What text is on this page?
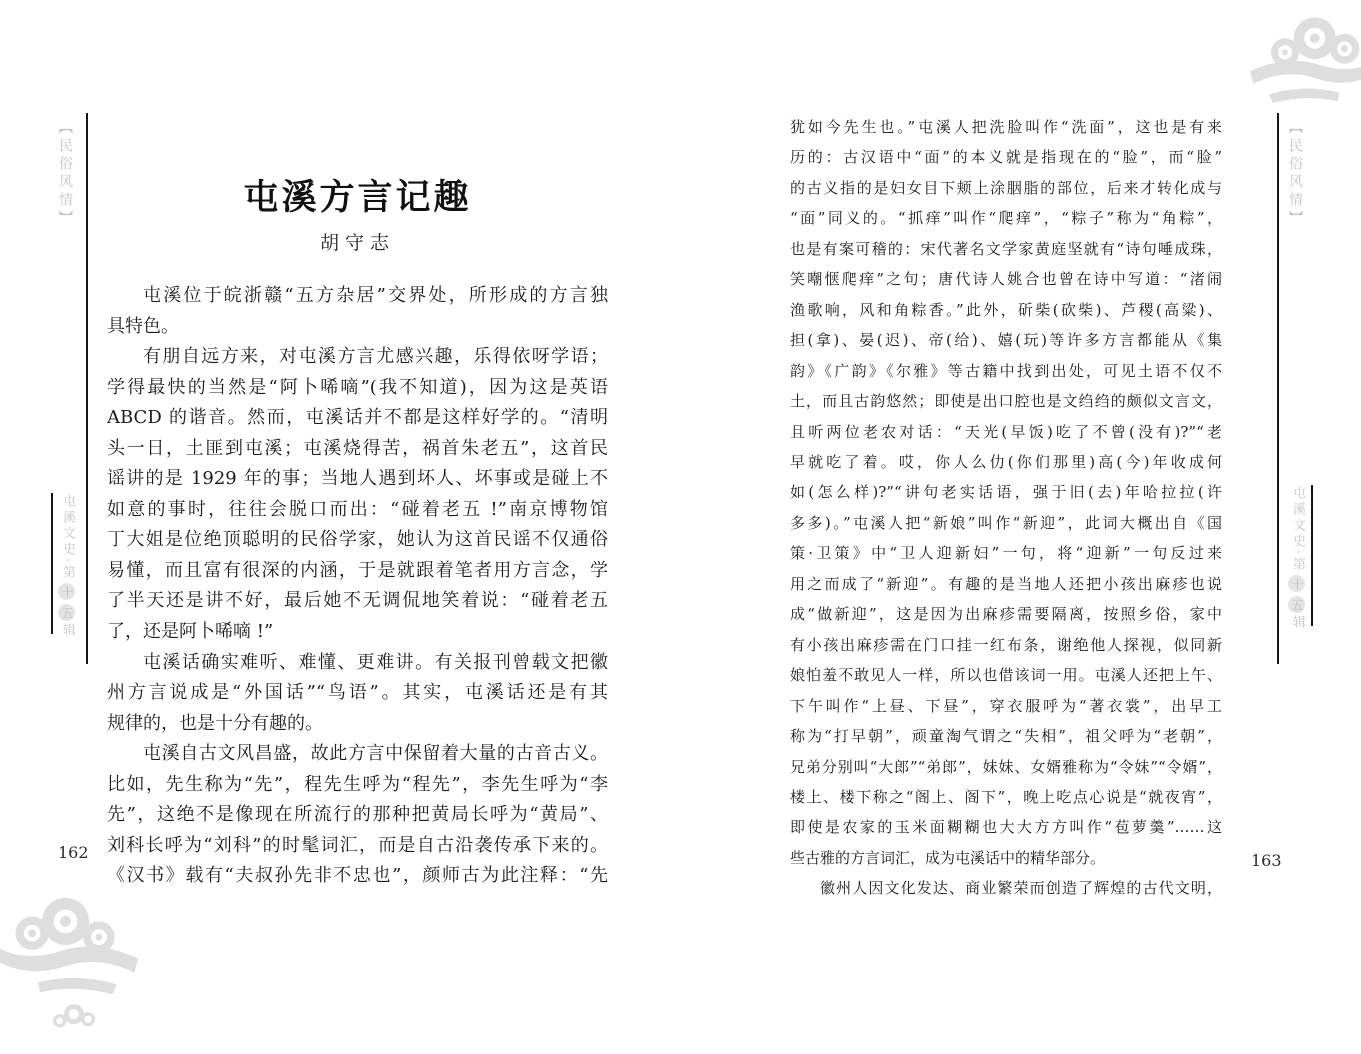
【民俗风情】
屯溪文史·第十五辑
【民俗风情】
屯溪文史·第十五辑
屯溪方言记趣
胡守志
屯溪位于皖浙赣“五方杂居”交界处，所形成的方言独
具特色。
有朋自远方来，对屯溪方言尤感兴趣，乐得依呀学语；
学得最快的当然是“阿卜唏嘀”(我不知道)，因为这是英语
ABCD 的谐音。然而，屯溪话并不都是这样好学的。“清明
头一日，土匪到屯溪；屯溪烧得苦，祸首朱老五”，这首民
谣讲的是 1929 年的事；当地人遇到坏人、坏事或是碰上不
如意的事时，往往会脱口而出：“碰着老五 !”南京博物馆
丁大姐是位绝顶聪明的民俗学家，她认为这首民谣不仅通俗
易懂，而且富有很深的内涵，于是就跟着笔者用方言念，学
了半天还是讲不好，最后她不无调侃地笑着说：“碰着老五
了，还是阿卜唏嘀 !”
屯溪话确实难听、难懂、更难讲。有关报刊曾载文把徽
州方言说成是“外国话”“鸟语”。其实，屯溪话还是有其
规律的，也是十分有趣的。
屯溪自古文风昌盛，故此方言中保留着大量的古音古义。
比如，先生称为“先”，程先生呼为“程先”，李先生呼为“李
先”，这绝不是像现在所流行的那种把黄局长呼为“黄局”、
刘科长呼为“刘科”的时髦词汇，而是自古沿袭传承下来的。
《汉书》载有“夫叔孙先非不忠也”，颜师古为此注释：“先
162
犹如今先生也。”屯溪人把洗脸叫作“洗面”，这也是有来
历的：古汉语中“面”的本义就是指现在的“脸”，而“脸”
的古义指的是妇女目下颊上涂胭脂的部位，后来才转化成与
“面”同义的。“抓痒”叫作“爬痒”，“粽子”称为“角粽”，
也是有案可稽的：宋代著名文学家黄庭坚就有“诗句唾成珠，
笑嘲惬爬痒”之句；唐代诗人姚合也曾在诗中写道：“渚闹
渔歌响，风和角粽香。”此外，斫柴(砍柴)、芦稷(高粱)、
担(拿)、晏(迟)、帝(给)、嬉(玩)等许多方言都能从《集
韵》《广韵》《尔雅》等古籍中找到出处，可见土语不仅不
土，而且古韵悠然；即使是出口腔也是文绉绉的颇似文言文，
且听两位老农对话：“天光(早饭)吃了不曾(没有)?”“老
早就吃了着。哎，你人么仂(你们那里)高(今)年收成何
如(怎么样)?”“讲句老实话语，强于旧(去)年哈拉拉(许
多多)。”屯溪人把“新娘”叫作“新迎”，此词大概出自《国
策·卫策》中“卫人迎新妇”一句，将“迎新”一句反过来
用之而成了“新迎”。有趣的是当地人还把小孩出麻疹也说
成“做新迎”，这是因为出麻疹需要隔离，按照乡俗，家中
有小孩出麻疹需在门口挂一红布条，谢绝他人探视，似同新
娘怕羞不敢见人一样，所以也借该词一用。屯溪人还把上午、
下午叫作“上昼、下昼”，穿衣服呼为“著衣裳”，出早工
称为“打早朝”，顽童淘气谓之“失相”，祖父呼为“老朝”，
兄弟分别叫“大郎”“弟郎”，妹妹、女婿雅称为“令妹”“令婿”，
楼上、楼下称之“阁上、阁下”，晚上吃点心说是“就夜宵”，
即使是农家的玉米面糊糊也大大方方叫作“苞萝羹”……这
些古雅的方言词汇，成为屯溪话中的精华部分。
徽州人因文化发达、商业繁荣而创造了辉煌的古代文明，
163
